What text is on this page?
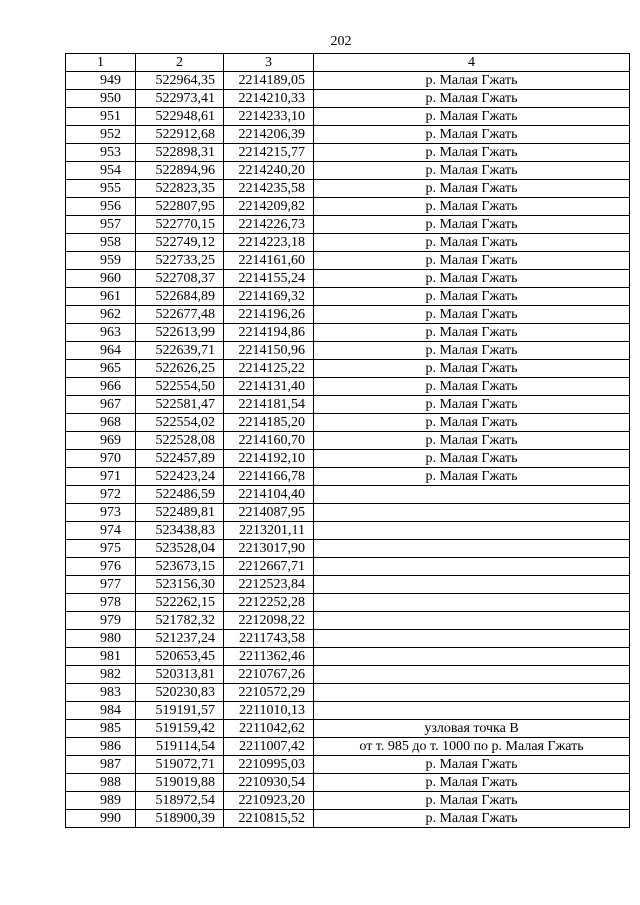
202
1	2	3	4
949	522964,35	2214189,05	р. Малая Гжать
950	522973,41	2214210,33	р. Малая Гжать
951	522948,61	2214233,10	р. Малая Гжать
952	522912,68	2214206,39	р. Малая Гжать
953	522898,31	2214215,77	р. Малая Гжать
954	522894,96	2214240,20	р. Малая Гжать
955	522823,35	2214235,58	р. Малая Гжать
956	522807,95	2214209,82	р. Малая Гжать
957	522770,15	2214226,73	р. Малая Гжать
958	522749,12	2214223,18	р. Малая Гжать
959	522733,25	2214161,60	р. Малая Гжать
960	522708,37	2214155,24	р. Малая Гжать
961	522684,89	2214169,32	р. Малая Гжать
962	522677,48	2214196,26	р. Малая Гжать
963	522613,99	2214194,86	р. Малая Гжать
964	522639,71	2214150,96	р. Малая Гжать
965	522626,25	2214125,22	р. Малая Гжать
966	522554,50	2214131,40	р. Малая Гжать
967	522581,47	2214181,54	р. Малая Гжать
968	522554,02	2214185,20	р. Малая Гжать
969	522528,08	2214160,70	р. Малая Гжать
970	522457,89	2214192,10	р. Малая Гжать
971	522423,24	2214166,78	р. Малая Гжать
972	522486,59	2214104,40	
973	522489,81	2214087,95	
974	523438,83	2213201,11	
975	523528,04	2213017,90	
976	523673,15	2212667,71	
977	523156,30	2212523,84	
978	522262,15	2212252,28	
979	521782,32	2212098,22	
980	521237,24	2211743,58	
981	520653,45	2211362,46	
982	520313,81	2210767,26	
983	520230,83	2210572,29	
984	519191,57	2211010,13	
985	519159,42	2211042,62	узловая точка В
986	519114,54	2211007,42	от т. 985 до т. 1000 по р. Малая Гжать
987	519072,71	2210995,03	р. Малая Гжать
988	519019,88	2210930,54	р. Малая Гжать
989	518972,54	2210923,20	р. Малая Гжать
990	518900,39	2210815,52	р. Малая Гжать
